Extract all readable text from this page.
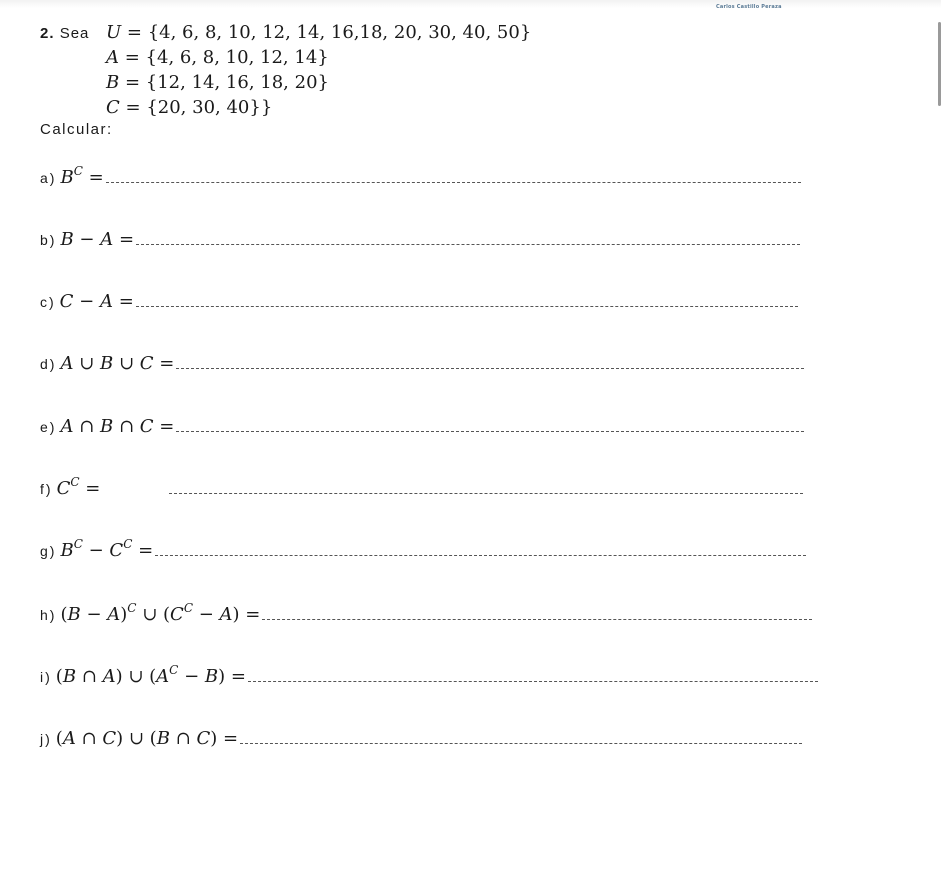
Carlos Castillo Peraza
2. Sea U = {4, 6, 8, 10, 12, 14, 16,18, 20, 30, 40, 50}
A = {4, 6, 8, 10, 12, 14}
B = {12, 14, 16, 18, 20}
C = {20, 30, 40}}
Calcular:
a) $B^C$ =
b) B − A =
c) C − A =
d) A ∪ B ∪ C =
e) A ∩ B ∩ C =
f) $C^C$ =
g) $B^C - C^C$ =
h) $(B - A)^C$ ∪ $(C^C - A)$ =
i) (B ∩ A) ∪ $(A^C - B)$ =
j) (A ∩ C) ∪ (B ∩ C) =
